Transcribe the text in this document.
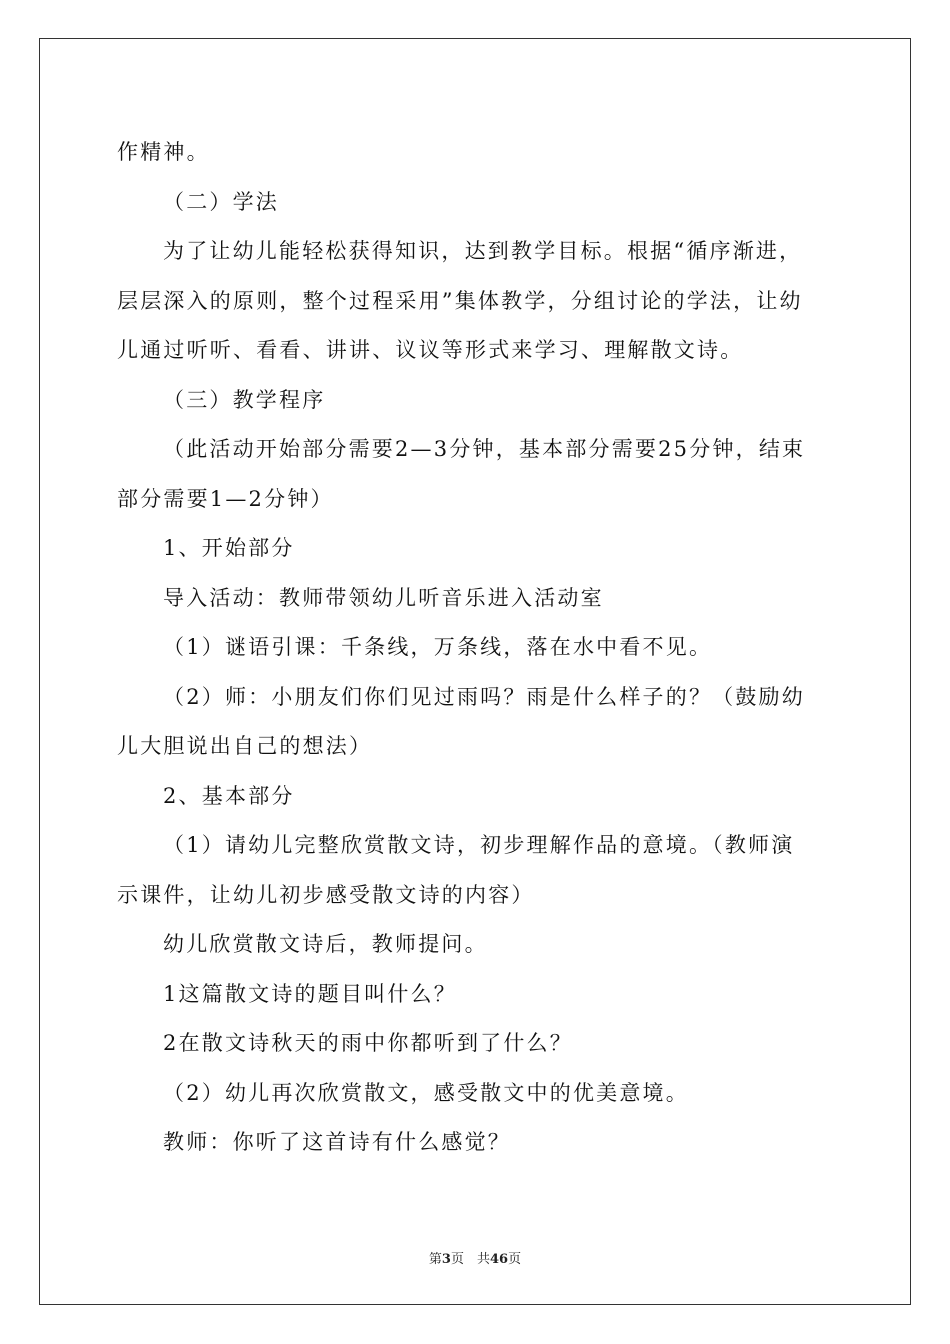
作精神。

（二）学法

为了让幼儿能轻松获得知识，达到教学目标。根据“循序渐进，

层层深入的原则，整个过程采用”集体教学，分组讨论的学法，让幼

儿通过听听、看看、讲讲、议议等形式来学习、理解散文诗。

（三）教学程序

（此活动开始部分需要2—3分钟，基本部分需要25分钟，结束

部分需要1—2分钟）

1、开始部分

导入活动：教师带领幼儿听音乐进入活动室

（1）谜语引课：千条线，万条线，落在水中看不见。

（2）师：小朋友们你们见过雨吗？雨是什么样子的？（鼓励幼

儿大胆说出自己的想法）

2、基本部分

（1）请幼儿完整欣赏散文诗，初步理解作品的意境。（教师演

示课件，让幼儿初步感受散文诗的内容）

幼儿欣赏散文诗后，教师提问。

1这篇散文诗的题目叫什么？

2在散文诗秋天的雨中你都听到了什么？

（2）幼儿再次欣赏散文，感受散文中的优美意境。

教师：你听了这首诗有什么感觉？

第3页　共46页
